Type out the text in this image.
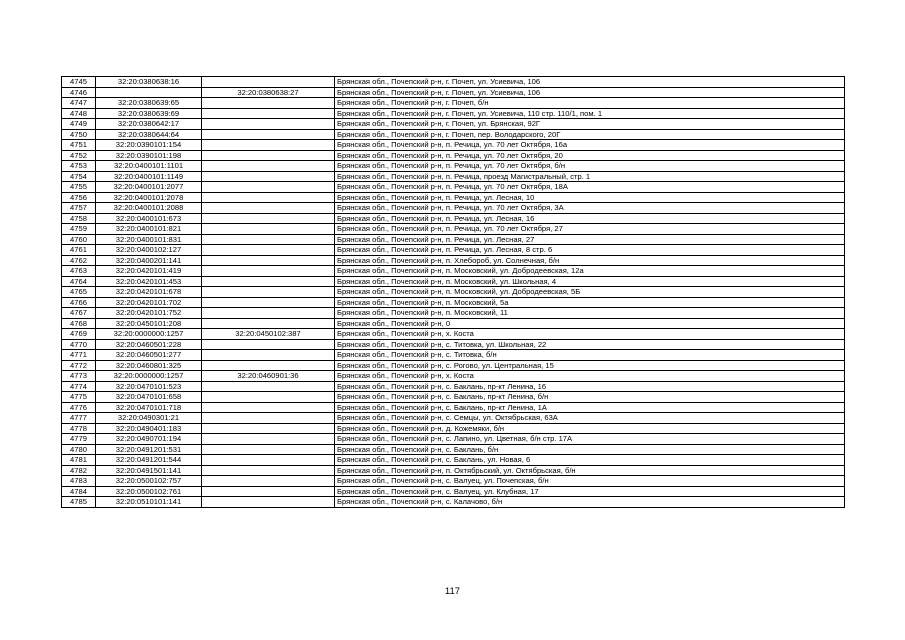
4745	32:20:0380638:16		Брянская обл., Почепский р-н, г. Почеп, ул. Усиевича, 106
4746		32:20:0380638:27	Брянская обл., Почепский р-н, г. Почеп, ул. Усиевича, 106
4747	32:20:0380639:65		Брянская обл., Почепский р-н, г. Почеп, б/н
4748	32:20:0380639:69		Брянская обл., Почепский р-н, г. Почеп, ул. Усиевича, 110 стр. 110/1, пом. 1
4749	32:20:0380642:17		Брянская обл., Почепский р-н, г. Почеп, ул. Брянская, 92Г
4750	32:20:0380644:64		Брянская обл., Почепский р-н, г. Почеп, пер. Володарского, 20Г
4751	32:20:0390101:154		Брянская обл., Почепский р-н, п. Речица, ул. 70 лет Октября, 16а
4752	32:20:0390101:198		Брянская обл., Почепский р-н, п. Речица, ул. 70 лет Октября, 20
4753	32:20:0400101:1101		Брянская обл., Почепский р-н, п. Речица, ул. 70 лет Октября, б/н
4754	32:20:0400101:1149		Брянская обл., Почепский р-н, п. Речица, проезд Магистральный, стр. 1
4755	32:20:0400101:2077		Брянская обл., Почепский р-н, п. Речица, ул. 70 лет Октября, 18А
4756	32:20:0400101:2078		Брянская обл., Почепский р-н, п. Речица, ул. Лесная, 10
4757	32:20:0400101:2088		Брянская обл., Почепский р-н, п. Речица, ул. 70 лет Октября, 3А
4758	32:20:0400101:673		Брянская обл., Почепский р-н, п. Речица, ул. Лесная, 16
4759	32:20:0400101:821		Брянская обл., Почепский р-н, п. Речица, ул. 70 лет Октября, 27
4760	32:20:0400101:831		Брянская обл., Почепский р-н, п. Речица, ул. Лесная, 27
4761	32:20:0400102:127		Брянская обл., Почепский р-н, п. Речица, ул. Лесная, 8 стр. 6
4762	32:20:0400201:141		Брянская обл., Почепский р-н, п. Хлебороб, ул. Солнечная, б/н
4763	32:20:0420101:419		Брянская обл., Почепский р-н, п. Московский, ул. Добродеевская, 12а
4764	32:20:0420101:453		Брянская обл., Почепский р-н, п. Московский, ул. Школьная, 4
4765	32:20:0420101:678		Брянская обл., Почепский р-н, п. Московский, ул. Добродеевская, 5Б
4766	32:20:0420101:702		Брянская обл., Почепский р-н, п. Московский, 5а
4767	32:20:0420101:752		Брянская обл., Почепский р-н, п. Московский, 11
4768	32:20:0450101:208		Брянская обл., Почепский р-н, 0
4769	32:20:0000000:1257	32:20:0450102:387	Брянская обл., Почепский р-н, х. Коста
4770	32:20:0460501:228		Брянская обл., Почепский р-н, с. Титовка, ул. Школьная, 22
4771	32:20:0460501:277		Брянская обл., Почепский р-н, с. Титовка, б/н
4772	32:20:0460801:325		Брянская обл., Почепский р-н, с. Рогово, ул. Центральная, 15
4773	32:20:0000000:1257	32:20:0460901:36	Брянская обл., Почепский р-н, х. Коста
4774	32:20:0470101:523		Брянская обл., Почепский р-н, с. Баклань, пр-кт Ленина, 16
4775	32:20:0470101:658		Брянская обл., Почепский р-н, с. Баклань, пр-кт Ленина, б/н
4776	32:20:0470101:718		Брянская обл., Почепский р-н, с. Баклань, пр-кт Ленина, 1А
4777	32:20:0490301:21		Брянская обл., Почепский р-н, с. Семцы, ул. Октябрьская, 63А
4778	32:20:0490401:183		Брянская обл., Почепский р-н, д. Кожемяки, б/н
4779	32:20:0490701:194		Брянская обл., Почепский р-н, с. Лапино, ул. Цветная, б/н стр. 17А
4780	32:20:0491201:531		Брянская обл., Почепский р-н, с. Баклань, б/н
4781	32:20:0491201:544		Брянская обл., Почепский р-н, с. Баклань, ул. Новая, 6
4782	32:20:0491501:141		Брянская обл., Почепский р-н, п. Октябрьский, ул. Октябрьская, б/н
4783	32:20:0500102:757		Брянская обл., Почепский р-н, с. Валуец, ул. Почепская, б/н
4784	32:20:0500102:761		Брянская обл., Почепский р-н, с. Валуец, ул. Клубная, 17
4785	32:20:0510101:141		Брянская обл., Почепский р-н, с. Калачово, б/н
117
